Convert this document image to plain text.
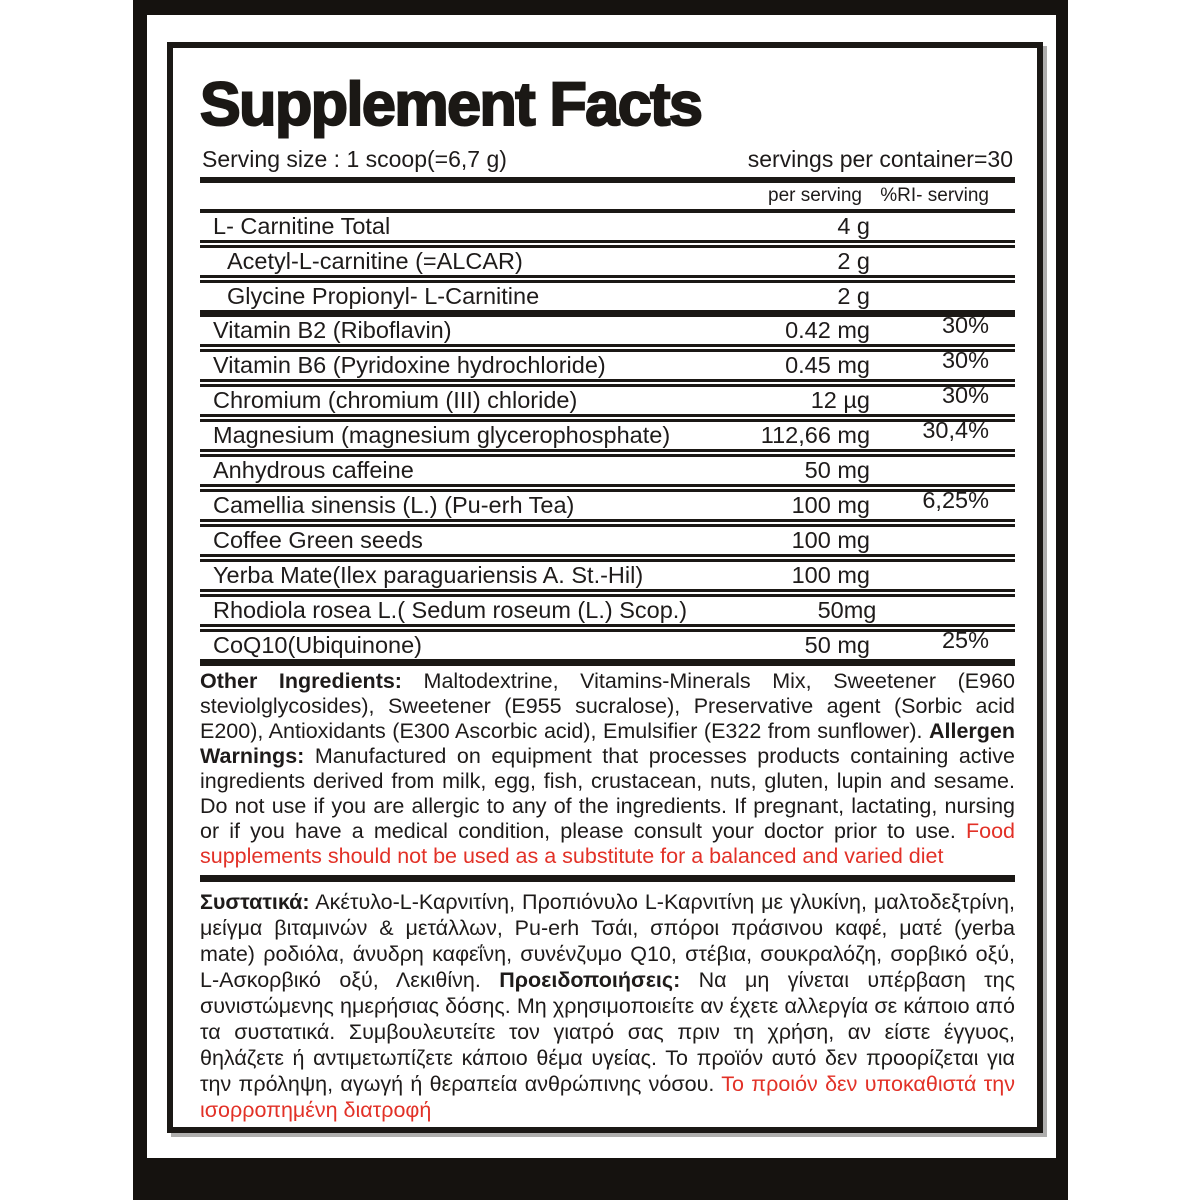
Supplement Facts
Serving size : 1 scoop(=6,7 g)	servings per container=30
per serving %RI- serving
L- Carnitine Total	4 g
Acetyl-L-carnitine (=ALCAR)	2 g
Glycine Propionyl- L-Carnitine	2 g
Vitamin B2 (Riboflavin)	0.42 mg	30%
Vitamin B6 (Pyridoxine hydrochloride)	0.45 mg	30%
Chromium (chromium (III) chloride)	12 µg	30%
Magnesium (magnesium glycerophosphate)	112,66 mg	30,4%
Anhydrous caffeine	50 mg
Camellia sinensis (L.) (Pu-erh Tea)	100 mg	6,25%
Coffee Green seeds	100 mg
Yerba Mate(Ilex paraguariensis A. St.-Hil)	100 mg
Rhodiola rosea L.( Sedum roseum (L.) Scop.)	50mg
CoQ10(Ubiquinone)	50 mg	25%
Other Ingredients: Maltodextrine, Vitamins-Minerals Mix, Sweetener (E960 steviolglycosides), Sweetener (E955 sucralose), Preservative agent (Sorbic acid E200), Antioxidants (E300 Ascorbic acid), Emulsifier (E322 from sunflower). Allergen Warnings: Manufactured on equipment that processes products containing active ingredients derived from milk, egg, fish, crustacean, nuts, gluten, lupin and sesame. Do not use if you are allergic to any of the ingredients. If pregnant, lactating, nursing or if you have a medical condition, please consult your doctor prior to use. Food supplements should not be used as a substitute for a balanced and varied diet
Συστατικά: Ακέτυλο-L-Καρνιτίνη, Προπιόνυλο L-Καρνιτίνη με γλυκίνη, μαλτοδεξτρίνη, μείγμα βιταμινών & μετάλλων, Pu-erh Τσάι, σπόροι πράσινου καφέ, ματέ (yerba mate) ροδιόλα, άνυδρη καφεΐνη, συνένζυμο Q10, στέβια, σουκραλόζη, σορβικό οξύ, L-Ασκορβικό οξύ, Λεκιθίνη. Προειδοποιήσεις: Να μη γίνεται υπέρβαση της συνιστώμενης ημερήσιας δόσης. Μη χρησιμοποιείτε αν έχετε αλλεργία σε κάποιο από τα συστατικά. Συμβουλευτείτε τον γιατρό σας πριν τη χρήση, αν είστε έγγυος, θηλάζετε ή αντιμετωπίζετε κάποιο θέμα υγείας. Το προϊόν αυτό δεν προορίζεται για την πρόληψη, αγωγή ή θεραπεία ανθρώπινης νόσου. Το προιόν δεν υποκαθιστά την ισορροπημένη διατροφή
